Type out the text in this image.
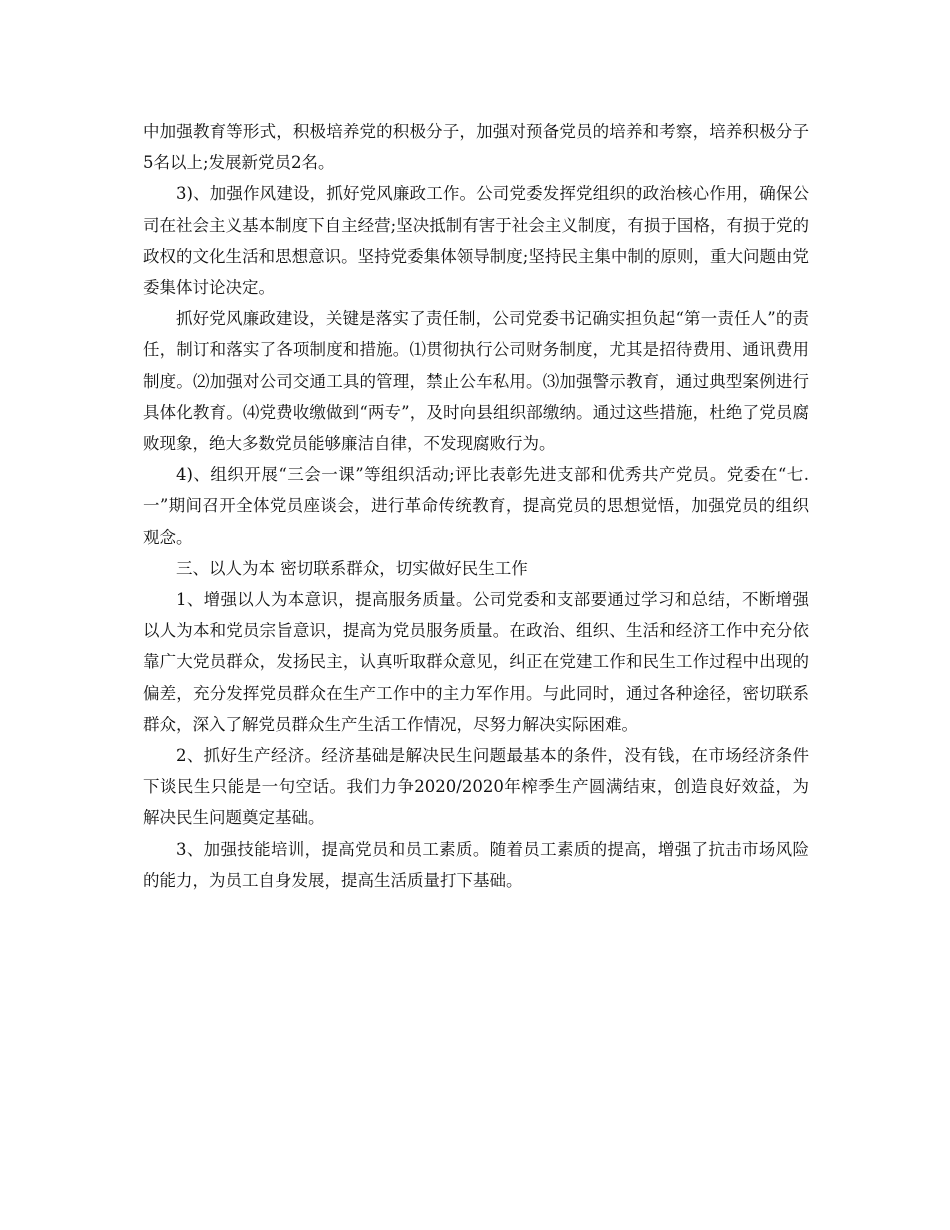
中加强教育等形式，积极培养党的积极分子，加强对预备党员的培养和考察，培养积极分子5名以上;发展新党员2名。

3)、加强作风建设，抓好党风廉政工作。公司党委发挥党组织的政治核心作用，确保公司在社会主义基本制度下自主经营;坚决抵制有害于社会主义制度，有损于国格，有损于党的政权的文化生活和思想意识。坚持党委集体领导制度;坚持民主集中制的原则，重大问题由党委集体讨论决定。

抓好党风廉政建设，关键是落实了责任制，公司党委书记确实担负起“第一责任人”的责任，制订和落实了各项制度和措施。⑴贯彻执行公司财务制度，尤其是招待费用、通讯费用制度。⑵加强对公司交通工具的管理，禁止公车私用。⑶加强警示教育，通过典型案例进行具体化教育。⑷党费收缴做到“两专”，及时向县组织部缴纳。通过这些措施，杜绝了党员腐败现象，绝大多数党员能够廉洁自律，不发现腐败行为。

4)、组织开展“三会一课”等组织活动;评比表彰先进支部和优秀共产党员。党委在“七.一”期间召开全体党员座谈会，进行革命传统教育，提高党员的思想觉悟，加强党员的组织观念。

三、以人为本 密切联系群众，切实做好民生工作

1、增强以人为本意识，提高服务质量。公司党委和支部要通过学习和总结，不断增强以人为本和党员宗旨意识，提高为党员服务质量。在政治、组织、生活和经济工作中充分依靠广大党员群众，发扬民主，认真听取群众意见，纠正在党建工作和民生工作过程中出现的偏差，充分发挥党员群众在生产工作中的主力军作用。与此同时，通过各种途径，密切联系群众，深入了解党员群众生产生活工作情况，尽努力解决实际困难。

2、抓好生产经济。经济基础是解决民生问题最基本的条件，没有钱，在市场经济条件下谈民生只能是一句空话。我们力争2020/2020年榨季生产圆满结束，创造良好效益，为解决民生问题奠定基础。

3、加强技能培训，提高党员和员工素质。随着员工素质的提高，增强了抗击市场风险的能力，为员工自身发展，提高生活质量打下基础。
